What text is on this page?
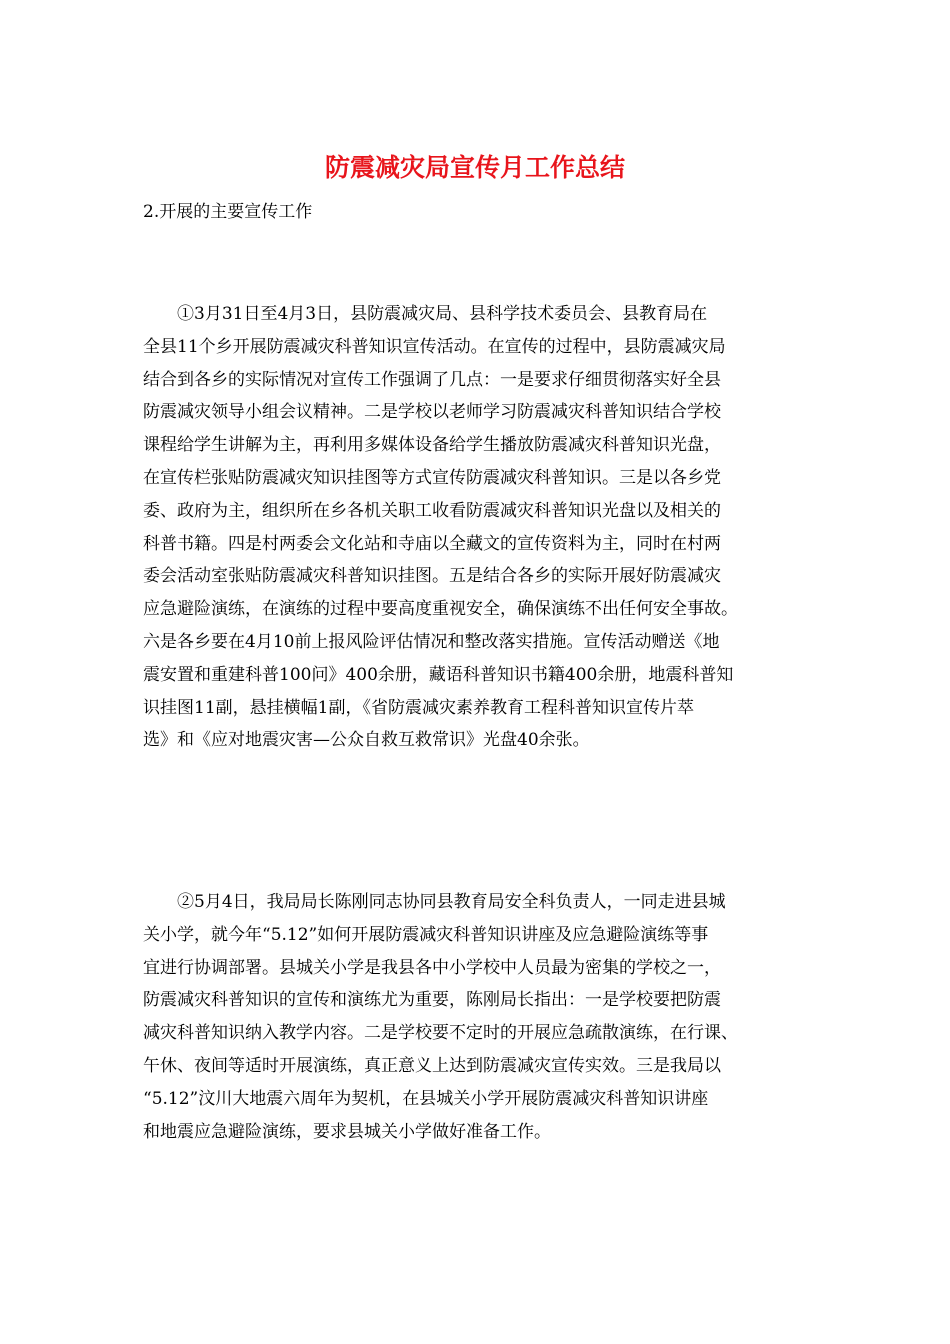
防震减灾局宣传月工作总结
2.开展的主要宣传工作
　　①3月31日至4月3日，县防震减灾局、县科学技术委员会、县教育局在
全县11个乡开展防震减灾科普知识宣传活动。在宣传的过程中，县防震减灾局
结合到各乡的实际情况对宣传工作强调了几点：一是要求仔细贯彻落实好全县
防震减灾领导小组会议精神。二是学校以老师学习防震减灾科普知识结合学校
课程给学生讲解为主，再利用多媒体设备给学生播放防震减灾科普知识光盘，
在宣传栏张贴防震减灾知识挂图等方式宣传防震减灾科普知识。三是以各乡党
委、政府为主，组织所在乡各机关职工收看防震减灾科普知识光盘以及相关的
科普书籍。四是村两委会文化站和寺庙以全藏文的宣传资料为主，同时在村两
委会活动室张贴防震减灾科普知识挂图。五是结合各乡的实际开展好防震减灾
应急避险演练，在演练的过程中要高度重视安全，确保演练不出任何安全事故。
六是各乡要在4月10前上报风险评估情况和整改落实措施。宣传活动赠送《地
震安置和重建科普100问》400余册，藏语科普知识书籍400余册，地震科普知
识挂图11副，悬挂横幅1副，《省防震减灾素养教育工程科普知识宣传片萃
选》和《应对地震灾害—公众自救互救常识》光盘40余张。
　　②5月4日，我局局长陈刚同志协同县教育局安全科负责人，一同走进县城
关小学，就今年“5.12”如何开展防震减灾科普知识讲座及应急避险演练等事
宜进行协调部署。县城关小学是我县各中小学校中人员最为密集的学校之一，
防震减灾科普知识的宣传和演练尤为重要，陈刚局长指出：一是学校要把防震
减灾科普知识纳入教学内容。二是学校要不定时的开展应急疏散演练，在行课、
午休、夜间等适时开展演练，真正意义上达到防震减灾宣传实效。三是我局以
“5.12”汶川大地震六周年为契机，在县城关小学开展防震减灾科普知识讲座
和地震应急避险演练，要求县城关小学做好准备工作。
